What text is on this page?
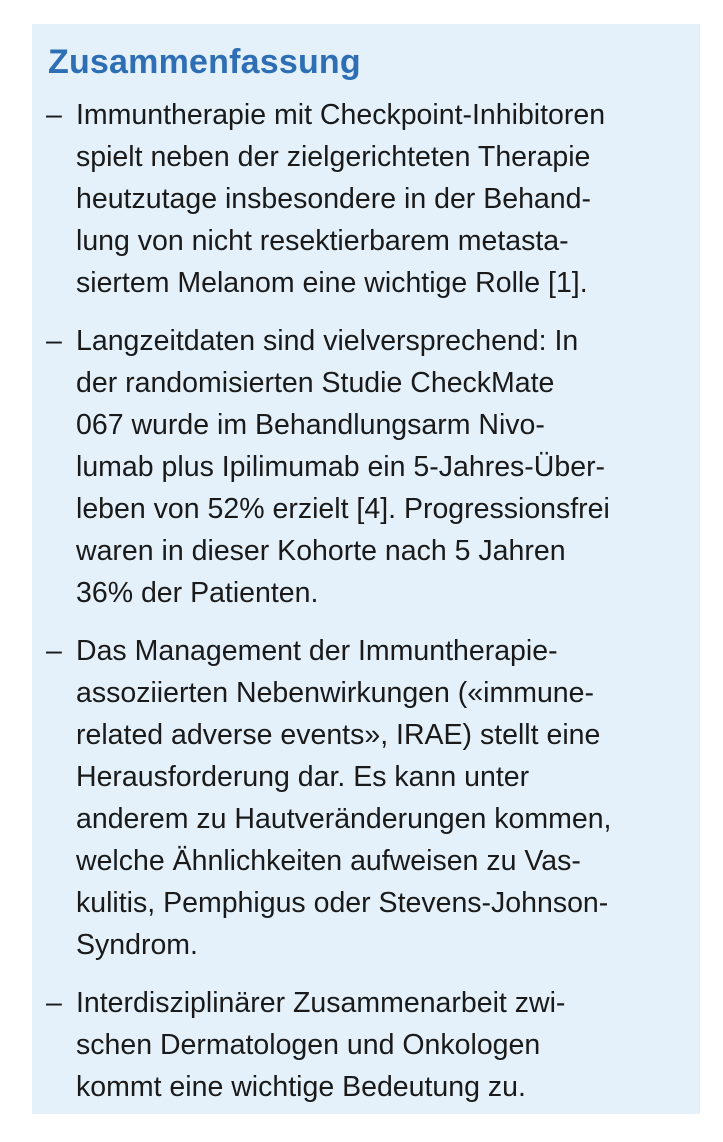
Zusammenfassung
– Immuntherapie mit Checkpoint-Inhibitoren
spielt neben der zielgerichteten Therapie
heutzutage insbesondere in der Behand-
lung von nicht resektierbarem metasta-
siertem Melanom eine wichtige Rolle [1].
– Langzeitdaten sind vielversprechend: In
der randomisierten Studie CheckMate
067 wurde im Behandlungsarm Nivo-
lumab plus Ipilimumab ein 5-Jahres-Über-
leben von 52% erzielt [4]. Progressionsfrei
waren in dieser Kohorte nach 5 Jahren
36% der Patienten.
– Das Management der Immuntherapie-
assoziierten Nebenwirkungen («immune-
related adverse events», IRAE) stellt eine
Herausforderung dar. Es kann unter
anderem zu Hautveränderungen kommen,
welche Ähnlichkeiten aufweisen zu Vas-
kulitis, Pemphigus oder Stevens-Johnson-
Syndrom.
– Interdisziplinärer Zusammenarbeit zwi-
schen Dermatologen und Onkologen
kommt eine wichtige Bedeutung zu.
